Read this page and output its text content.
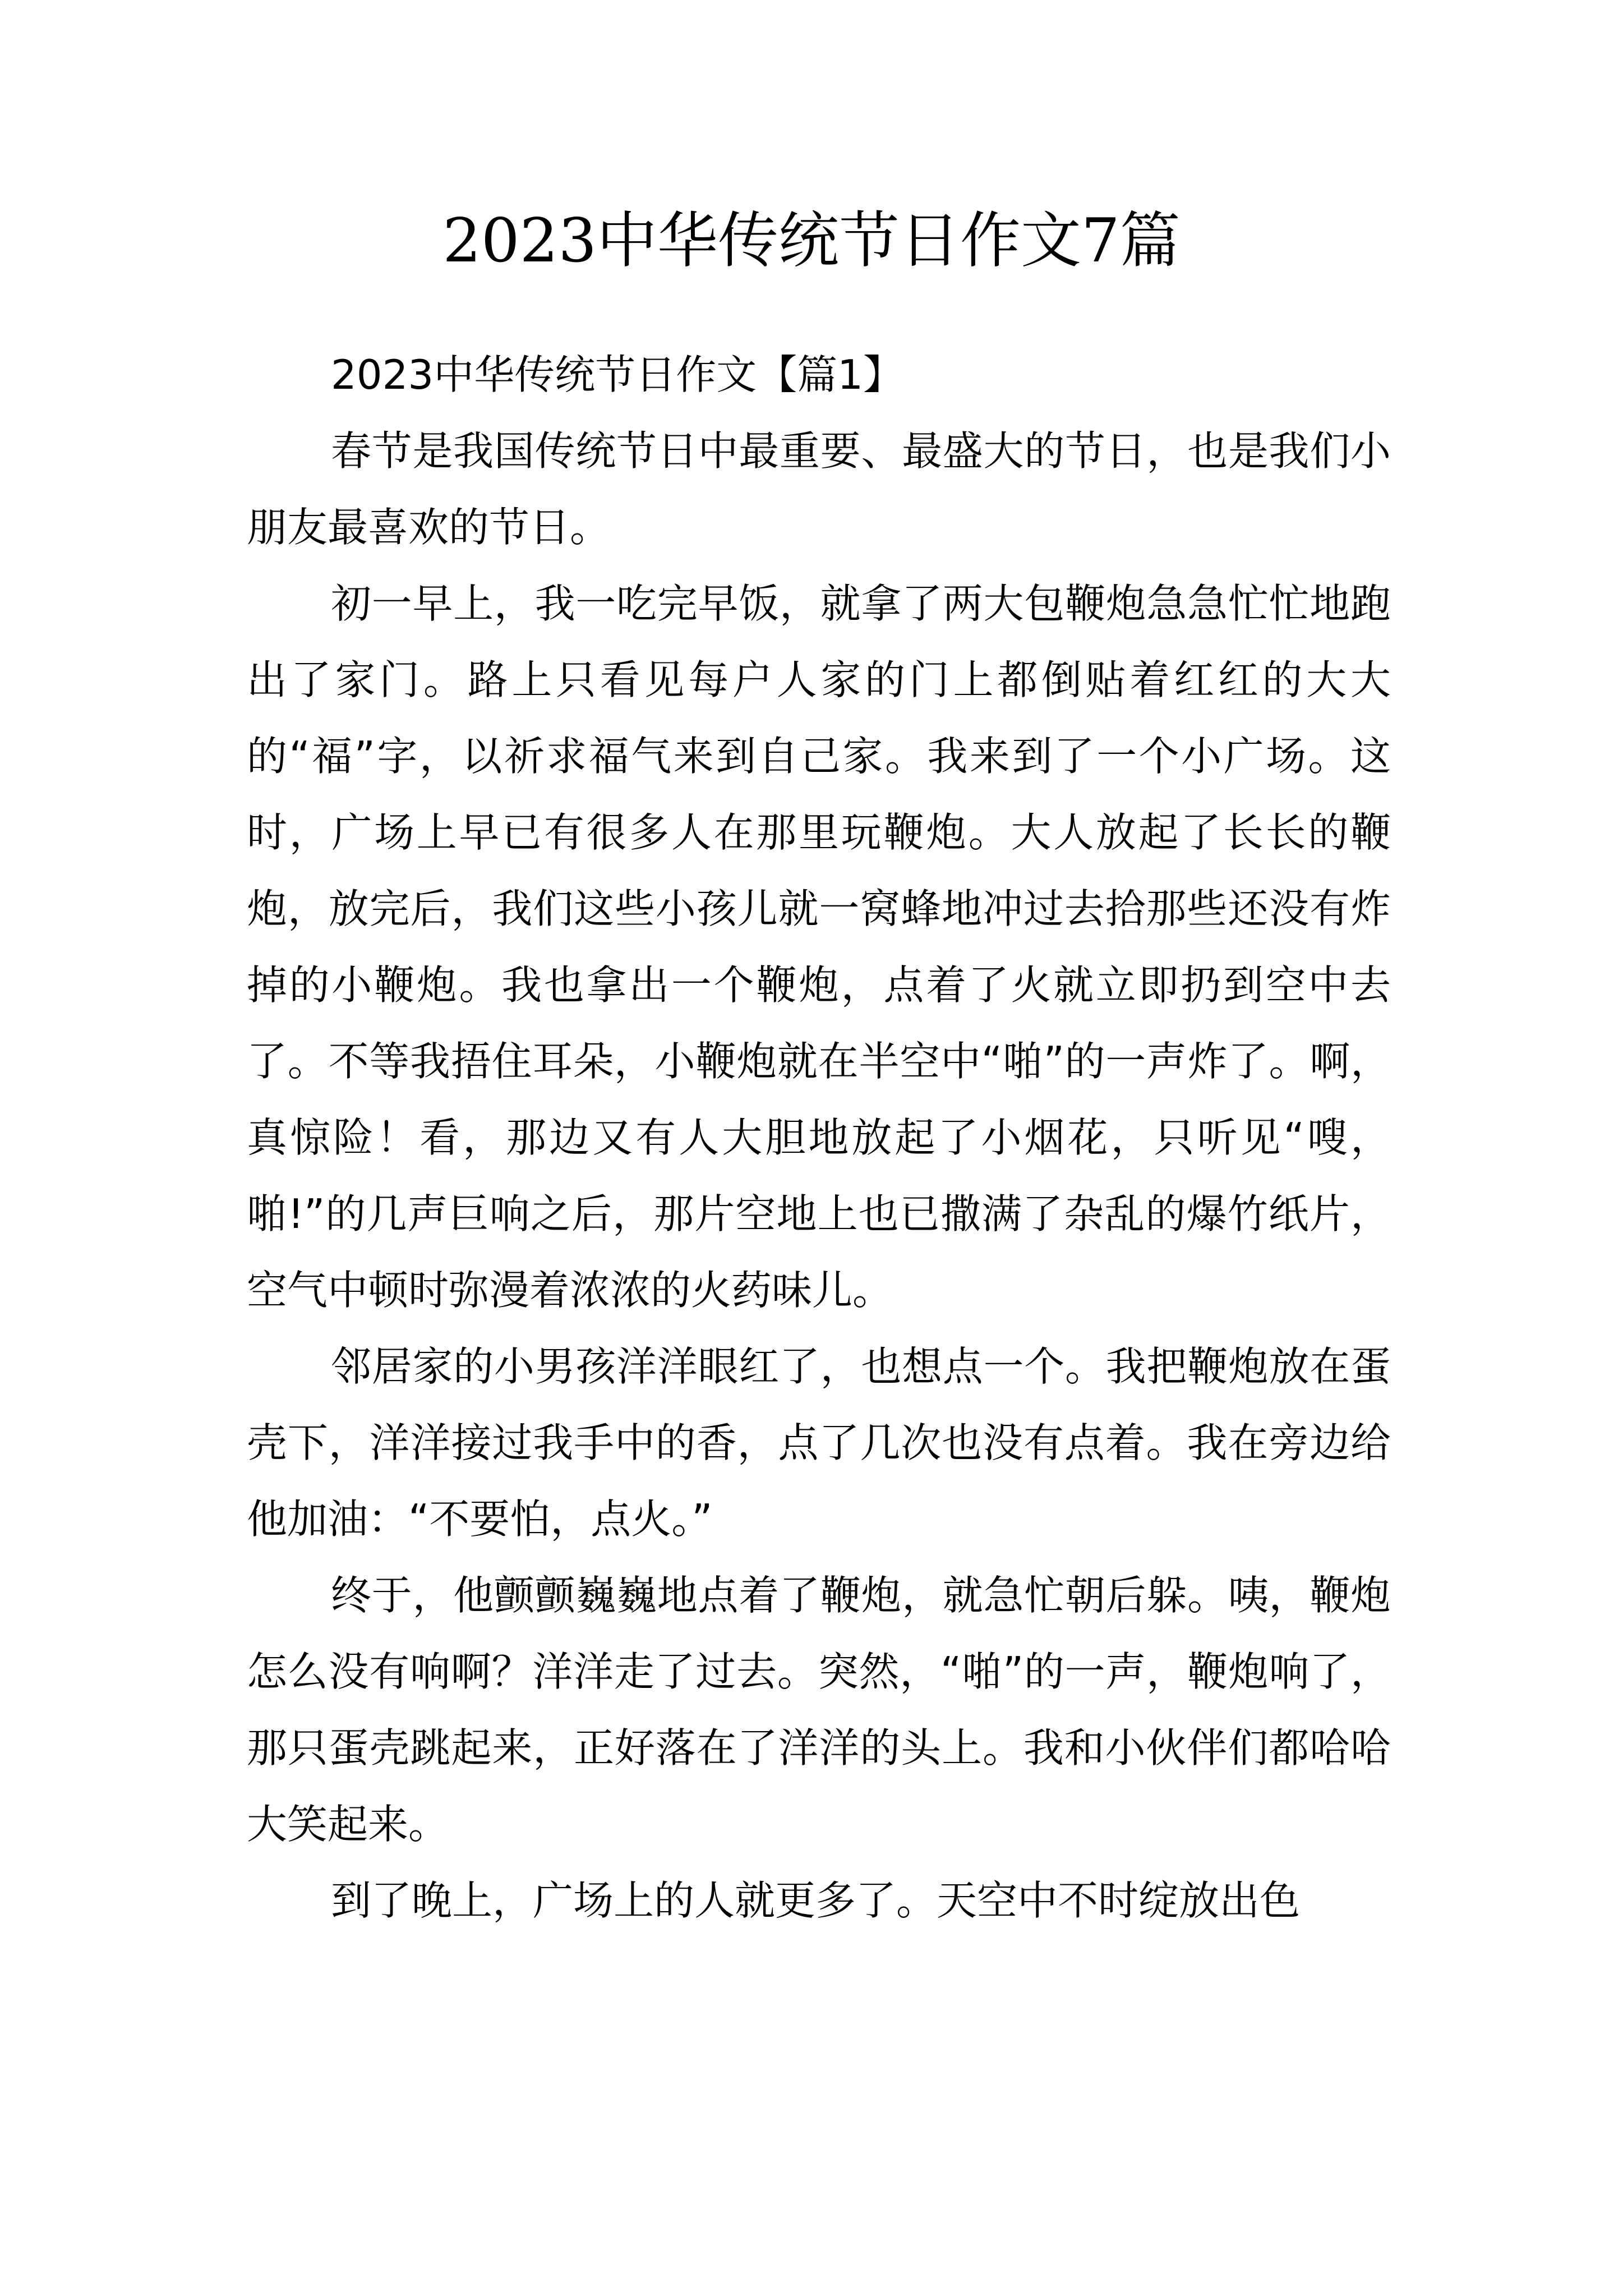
2023中华传统节日作文7篇

2023中华传统节日作文【篇1】

春节是我国传统节日中最重要、最盛大的节日，也是我们小朋友最喜欢的节日。

初一早上，我一吃完早饭，就拿了两大包鞭炮急急忙忙地跑出了家门。路上只看见每户人家的门上都倒贴着红红的大大的“福”字，以祈求福气来到自己家。我来到了一个小广场。这时，广场上早已有很多人在那里玩鞭炮。大人放起了长长的鞭炮，放完后，我们这些小孩儿就一窝蜂地冲过去拾那些还没有炸掉的小鞭炮。我也拿出一个鞭炮，点着了火就立即扔到空中去了。不等我捂住耳朵，小鞭炮就在半空中“啪”的一声炸了。啊，真惊险！看，那边又有人大胆地放起了小烟花，只听见“嗖，啪!”的几声巨响之后，那片空地上也已撒满了杂乱的爆竹纸片，空气中顿时弥漫着浓浓的火药味儿。

邻居家的小男孩洋洋眼红了，也想点一个。我把鞭炮放在蛋壳下，洋洋接过我手中的香，点了几次也没有点着。我在旁边给他加油：“不要怕，点火。”

终于，他颤颤巍巍地点着了鞭炮，就急忙朝后躲。咦，鞭炮怎么没有响啊？洋洋走了过去。突然，“啪”的一声，鞭炮响了，那只蛋壳跳起来，正好落在了洋洋的头上。我和小伙伴们都哈哈大笑起来。

到了晚上，广场上的人就更多了。天空中不时绽放出色
